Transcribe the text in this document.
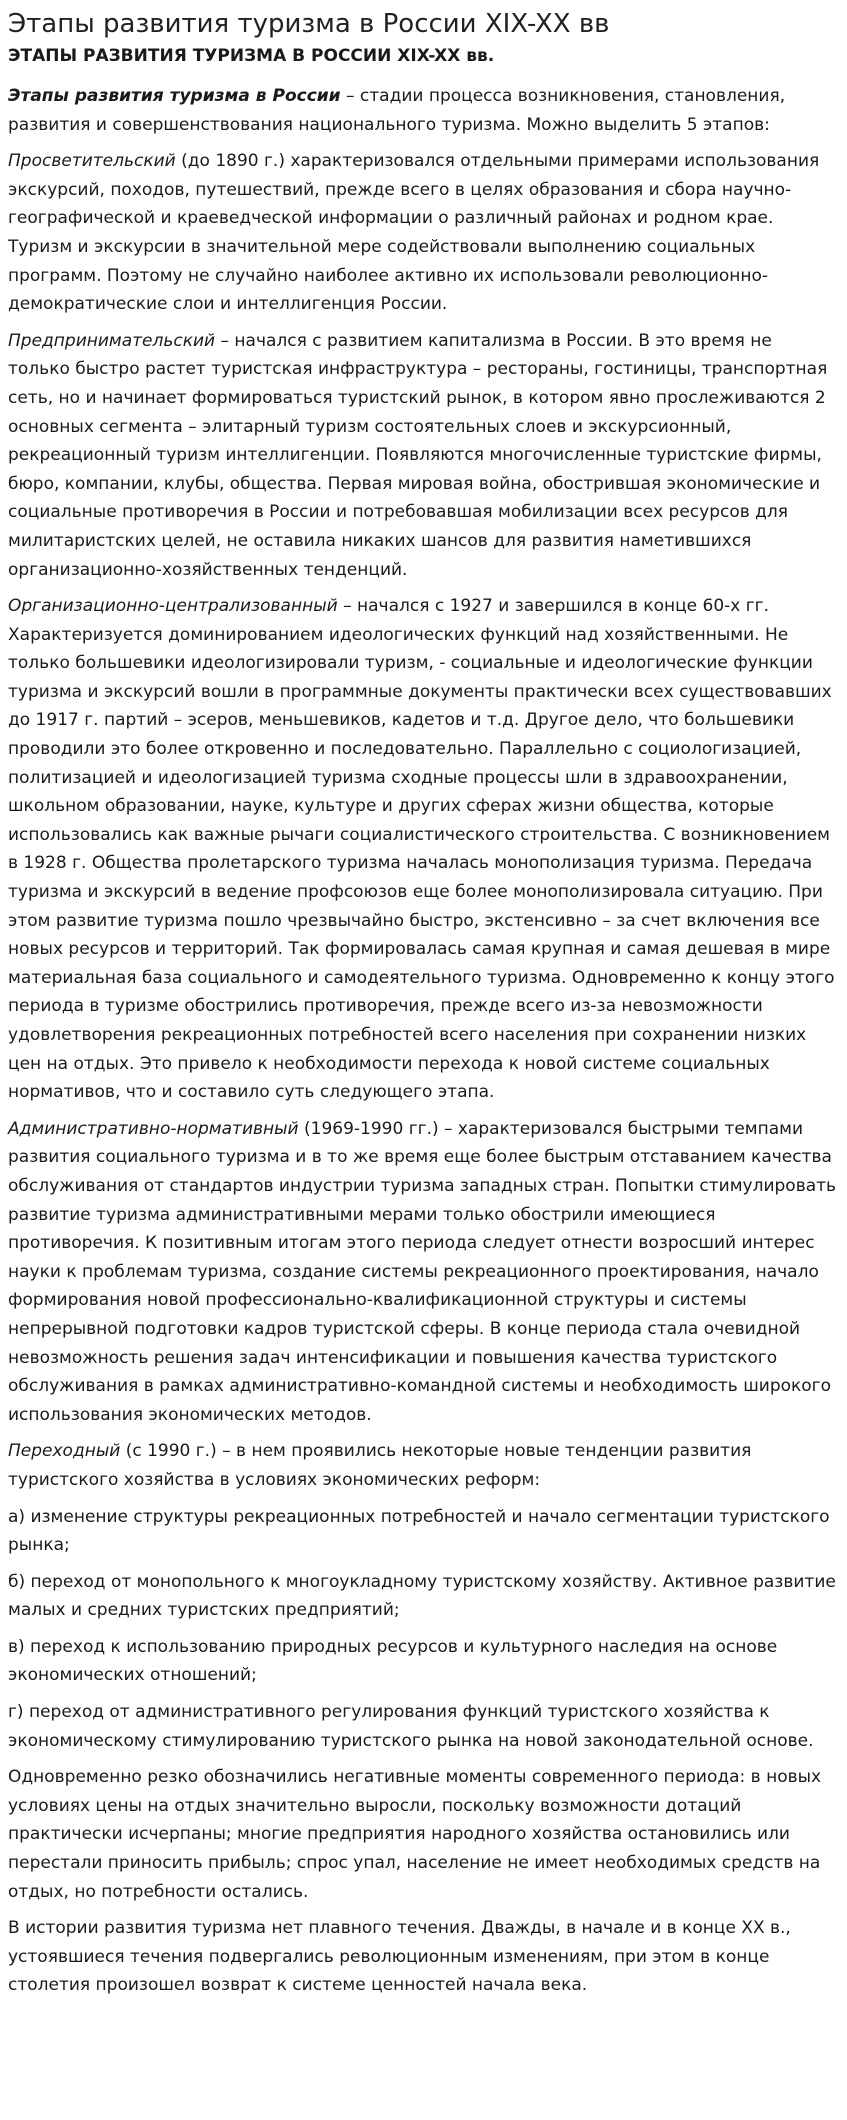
Этапы развития туризма в России XIX-XX вв
ЭТАПЫ РАЗВИТИЯ ТУРИЗМА В РОССИИ XIX-XX вв.

Этапы развития туризма в России – стадии процесса возникновения, становления, развития и совершенствования национального туризма. Можно выделить 5 этапов:

Просветительский (до 1890 г.) характеризовался отдельными примерами использования экскурсий, походов, путешествий, прежде всего в целях образования и сбора научно-географической и краеведческой информации о различный районах и родном крае. Туризм и экскурсии в значительной мере содействовали выполнению социальных программ. Поэтому не случайно наиболее активно их использовали революционно-демократические слои и интеллигенция России.

Предпринимательский – начался с развитием капитализма в России. В это время не только быстро растет туристская инфраструктура – рестораны, гостиницы, транспортная сеть, но и начинает формироваться туристский рынок, в котором явно прослеживаются 2 основных сегмента – элитарный туризм состоятельных слоев и экскурсионный, рекреационный туризм интеллигенции. Появляются многочисленные туристские фирмы, бюро, компании, клубы, общества. Первая мировая война, обострившая экономические и социальные противоречия в России и потребовавшая мобилизации всех ресурсов для милитаристских целей, не оставила никаких шансов для развития наметившихся организационно-хозяйственных тенденций.

Организационно-централизованный – начался с 1927 и завершился в конце 60-х гг. Характеризуется доминированием идеологических функций над хозяйственными. Не только большевики идеологизировали туризм, - социальные и идеологические функции туризма и экскурсий вошли в программные документы практически всех существовавших до 1917 г. партий – эсеров, меньшевиков, кадетов и т.д. Другое дело, что большевики проводили это более откровенно и последовательно. Параллельно с социологизацией, политизацией и идеологизацией туризма сходные процессы шли в здравоохранении, школьном образовании, науке, культуре и других сферах жизни общества, которые использовались как важные рычаги социалистического строительства. С возникновением в 1928 г. Общества пролетарского туризма началась монополизация туризма. Передача туризма и экскурсий в ведение профсоюзов еще более монополизировала ситуацию. При этом развитие туризма пошло чрезвычайно быстро, экстенсивно – за счет включения все новых ресурсов и территорий. Так формировалась самая крупная и самая дешевая в мире материальная база социального и самодеятельного туризма. Одновременно к концу этого периода в туризме обострились противоречия, прежде всего из-за невозможности удовлетворения рекреационных потребностей всего населения при сохранении низких цен на отдых. Это привело к необходимости перехода к новой системе социальных нормативов, что и составило суть следующего этапа.

Административно-нормативный (1969-1990 гг.) – характеризовался быстрыми темпами развития социального туризма и в то же время еще более быстрым отставанием качества обслуживания от стандартов индустрии туризма западных стран. Попытки стимулировать развитие туризма административными мерами только обострили имеющиеся противоречия. К позитивным итогам этого периода следует отнести возросший интерес науки к проблемам туризма, создание системы рекреационного проектирования, начало формирования новой профессионально-квалификационной структуры и системы непрерывной подготовки кадров туристской сферы. В конце периода стала очевидной невозможность решения задач интенсификации и повышения качества туристского обслуживания в рамках административно-командной системы и необходимость широкого использования экономических методов.

Переходный (с 1990 г.) – в нем проявились некоторые новые тенденции развития туристского хозяйства в условиях экономических реформ:

а) изменение структуры рекреационных потребностей и начало сегментации туристского рынка;

б) переход от монопольного к многоукладному туристскому хозяйству. Активное развитие малых и средних туристских предприятий;

в) переход к использованию природных ресурсов и культурного наследия на основе экономических отношений;

г) переход от административного регулирования функций туристского хозяйства к экономическому стимулированию туристского рынка на новой законодательной основе.

Одновременно резко обозначились негативные моменты современного периода: в новых условиях цены на отдых значительно выросли, поскольку возможности дотаций практически исчерпаны; многие предприятия народного хозяйства остановились или перестали приносить прибыль; спрос упал, население не имеет необходимых средств на отдых, но потребности остались.

В истории развития туризма нет плавного течения. Дважды, в начале и в конце XX в., устоявшиеся течения подвергались революционным изменениям, при этом в конце столетия произошел возврат к системе ценностей начала века.
